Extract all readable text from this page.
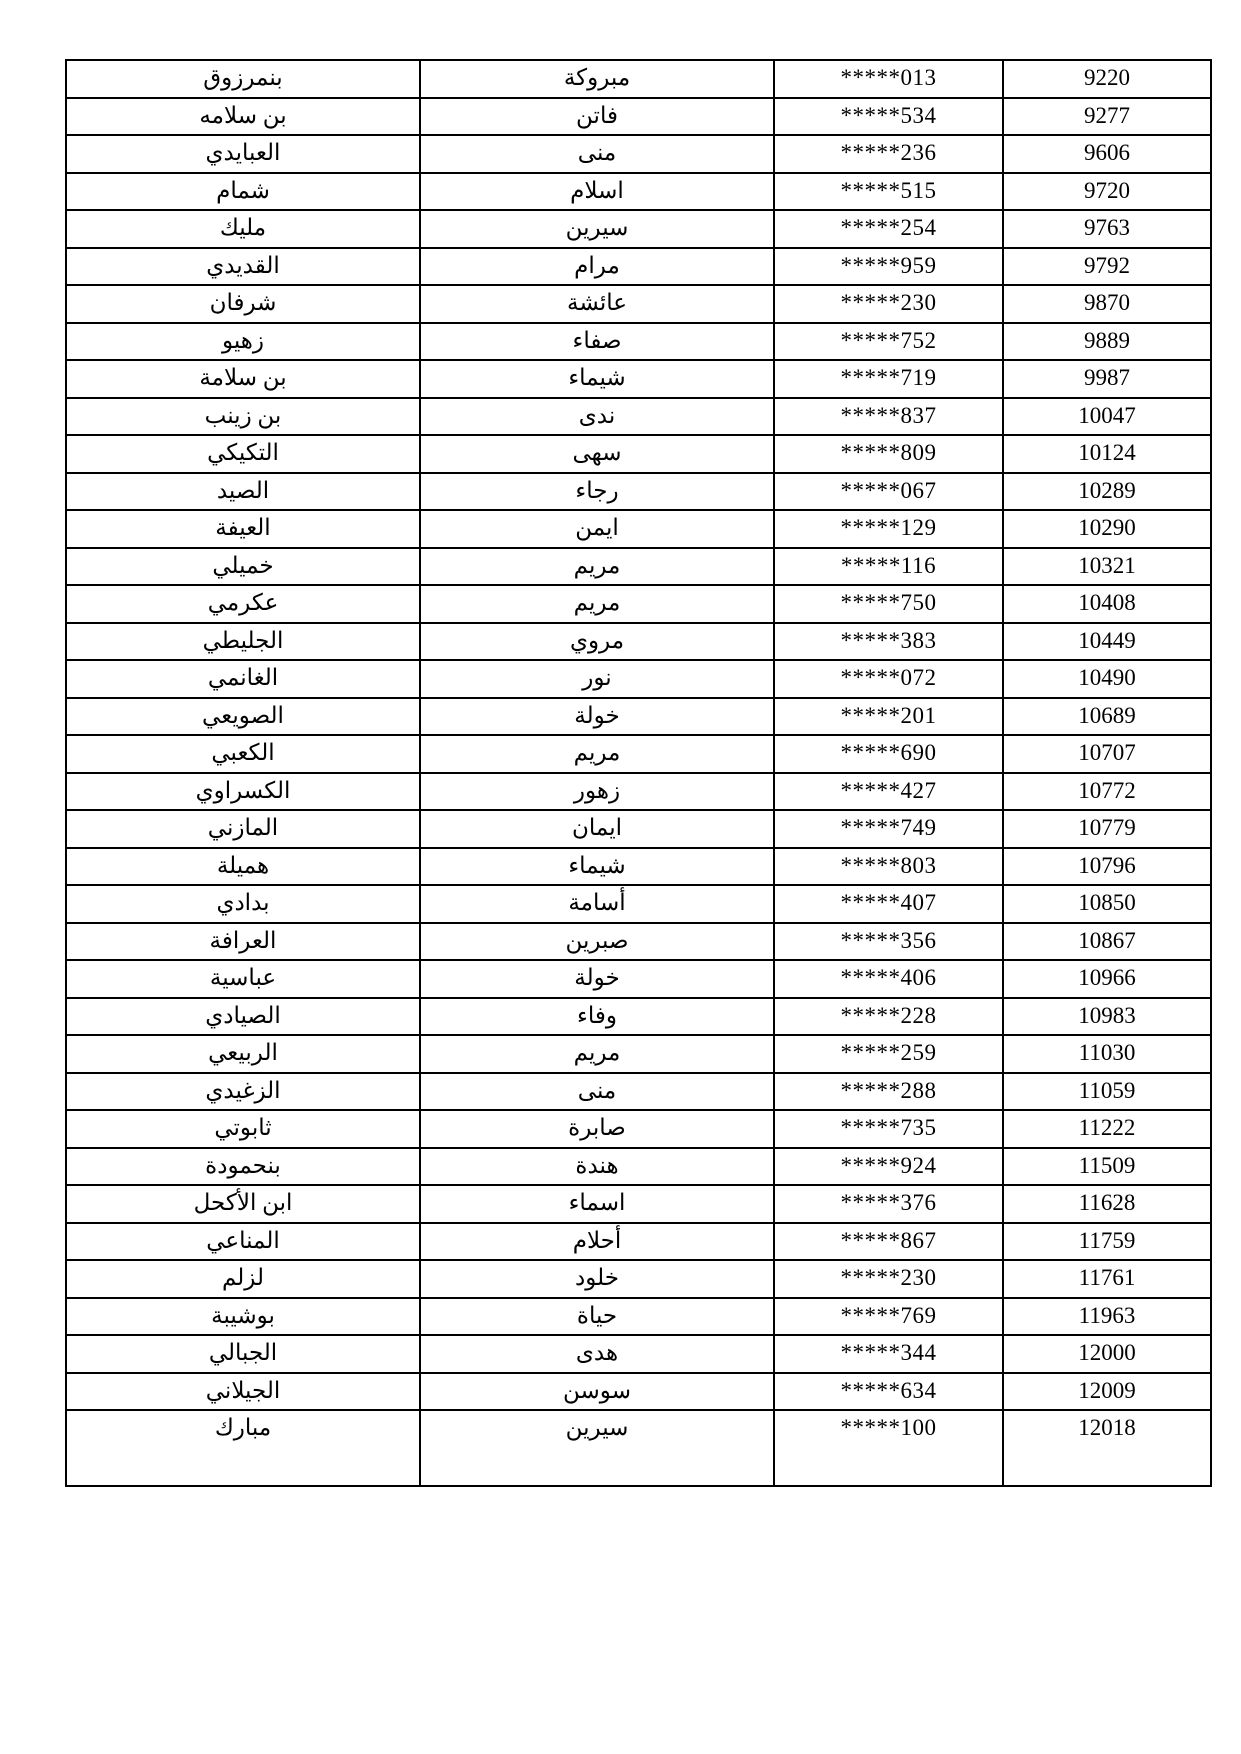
بنمرزوق	مبروكة	*****013	9220
بن سلامه	فاتن	*****534	9277
العبايدي	منى	*****236	9606
شمام	اسلام	*****515	9720
مليك	سيرين	*****254	9763
القديدي	مرام	*****959	9792
شرفان	عائشة	*****230	9870
زهيو	صفاء	*****752	9889
بن سلامة	شيماء	*****719	9987
بن زينب	ندى	*****837	10047
التكيكي	سهى	*****809	10124
الصيد	رجاء	*****067	10289
العيفة	ايمن	*****129	10290
خميلي	مريم	*****116	10321
عكرمي	مريم	*****750	10408
الجليطي	مروي	*****383	10449
الغانمي	نور	*****072	10490
الصويعي	خولة	*****201	10689
الكعبي	مريم	*****690	10707
الكسراوي	زهور	*****427	10772
المازني	ايمان	*****749	10779
هميلة	شيماء	*****803	10796
بدادي	أسامة	*****407	10850
العرافة	صبرين	*****356	10867
عباسية	خولة	*****406	10966
الصيادي	وفاء	*****228	10983
الربيعي	مريم	*****259	11030
الزغيدي	منى	*****288	11059
ثابوتي	صابرة	*****735	11222
بنحمودة	هندة	*****924	11509
ابن الأكحل	اسماء	*****376	11628
المناعي	أحلام	*****867	11759
لزلم	خلود	*****230	11761
بوشيبة	حياة	*****769	11963
الجبالي	هدى	*****344	12000
الجيلاني	سوسن	*****634	12009
مبارك	سيرين	*****100	12018
